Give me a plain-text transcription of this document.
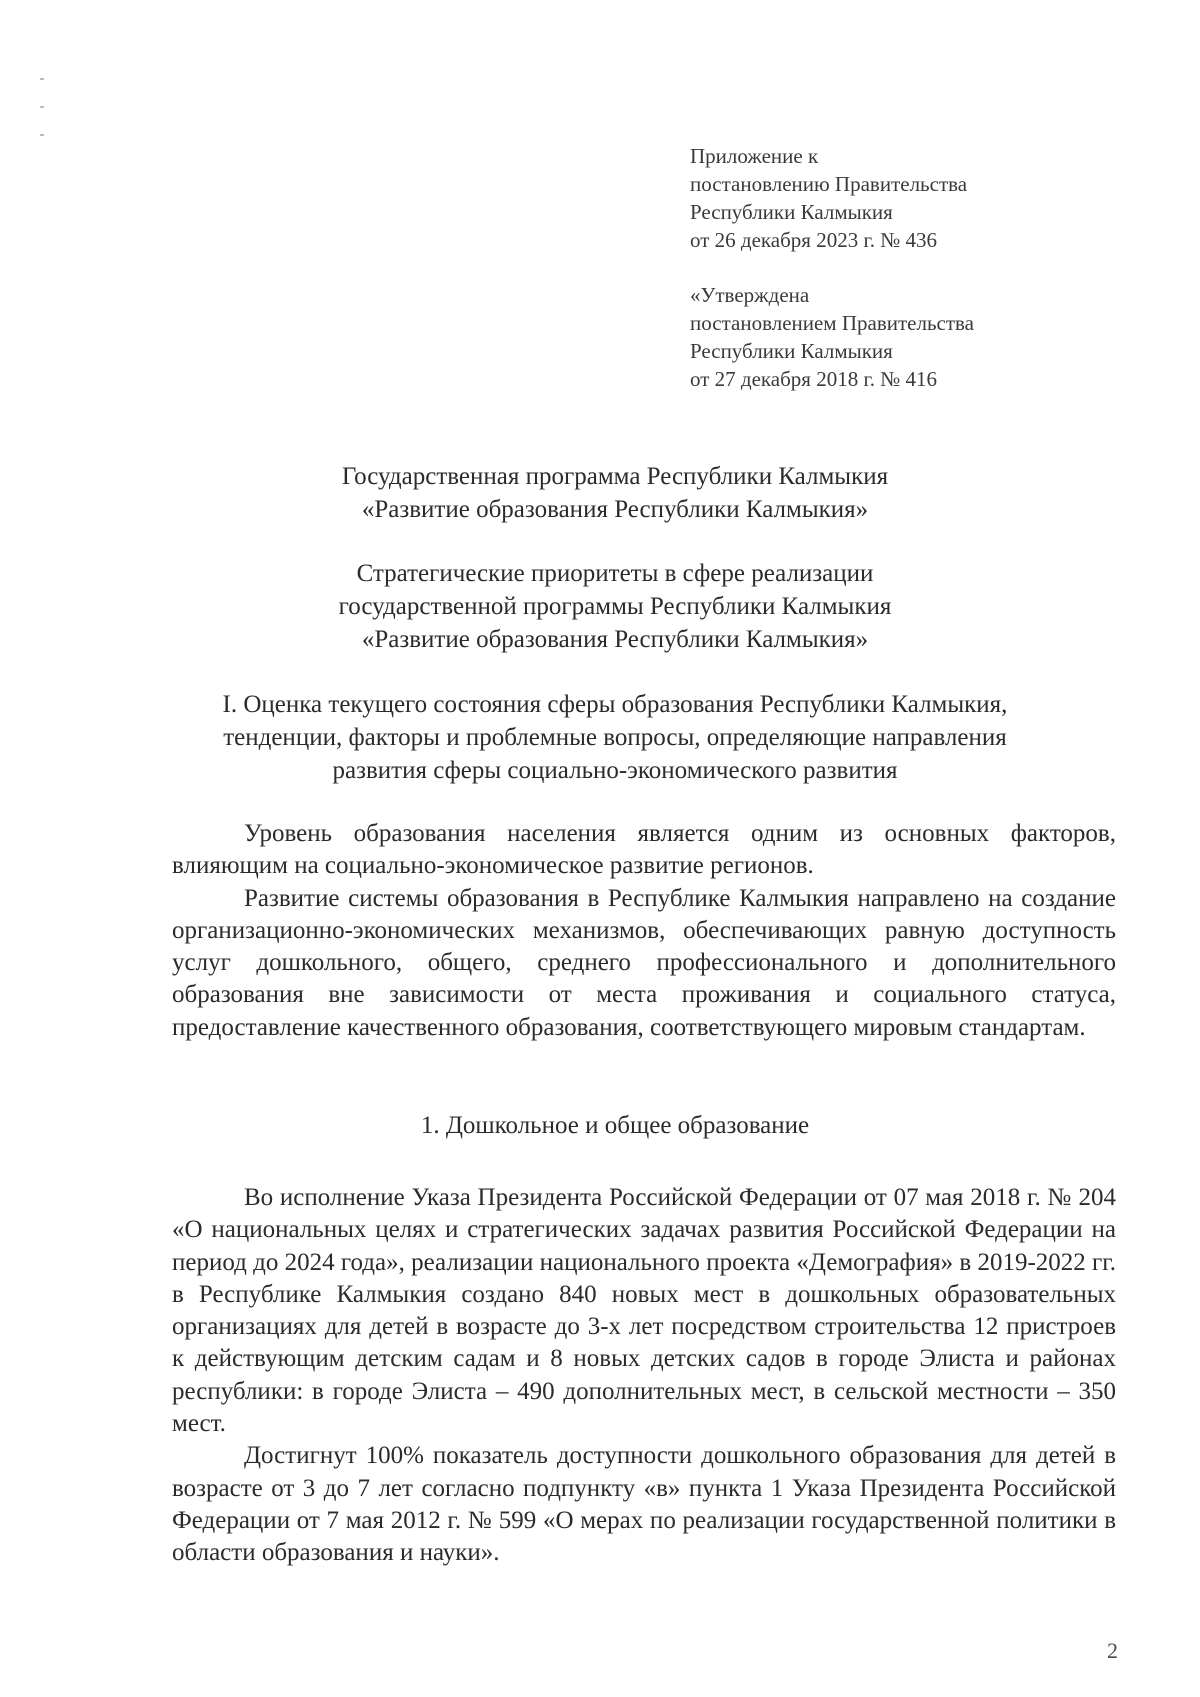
Приложение к
постановлению Правительства
Республики Калмыкия
от 26 декабря 2023 г. № 436
«Утверждена
постановлением Правительства
Республики Калмыкия
от 27 декабря 2018 г. № 416
Государственная программа Республики Калмыкия
«Развитие образования Республики Калмыкия»
Стратегические приоритеты в сфере реализации
государственной программы Республики Калмыкия
«Развитие образования Республики Калмыкия»
I. Оценка текущего состояния сферы образования Республики Калмыкия,
тенденции, факторы и проблемные вопросы, определяющие направления
развития сферы социально-экономического развития

Уровень образования населения является одним из основных факторов, влияющим на социально-экономическое развитие регионов.

Развитие системы образования в Республике Калмыкия направлено на создание организационно-экономических механизмов, обеспечивающих равную доступность услуг дошкольного, общего, среднего профессионального и дополнительного образования вне зависимости от места проживания и социального статуса, предоставление качественного образования, соответствующего мировым стандартам.

1. Дошкольное и общее образование

Во исполнение Указа Президента Российской Федерации от 07 мая 2018 г. № 204 «О национальных целях и стратегических задачах развития Российской Федерации на период до 2024 года», реализации национального проекта «Демография» в 2019-2022 гг. в Республике Калмыкия создано 840 новых мест в дошкольных образовательных организациях для детей в возрасте до 3-х лет посредством строительства 12 пристроев к действующим детским садам и 8 новых детских садов в городе Элиста и районах республики: в городе Элиста – 490 дополнительных мест, в сельской местности – 350 мест.

Достигнут 100% показатель доступности дошкольного образования для детей в возрасте от 3 до 7 лет согласно подпункту «в» пункта 1 Указа Президента Российской Федерации от 7 мая 2012 г. № 599 «О мерах по реализации государственной политики в области образования и науки».

2
